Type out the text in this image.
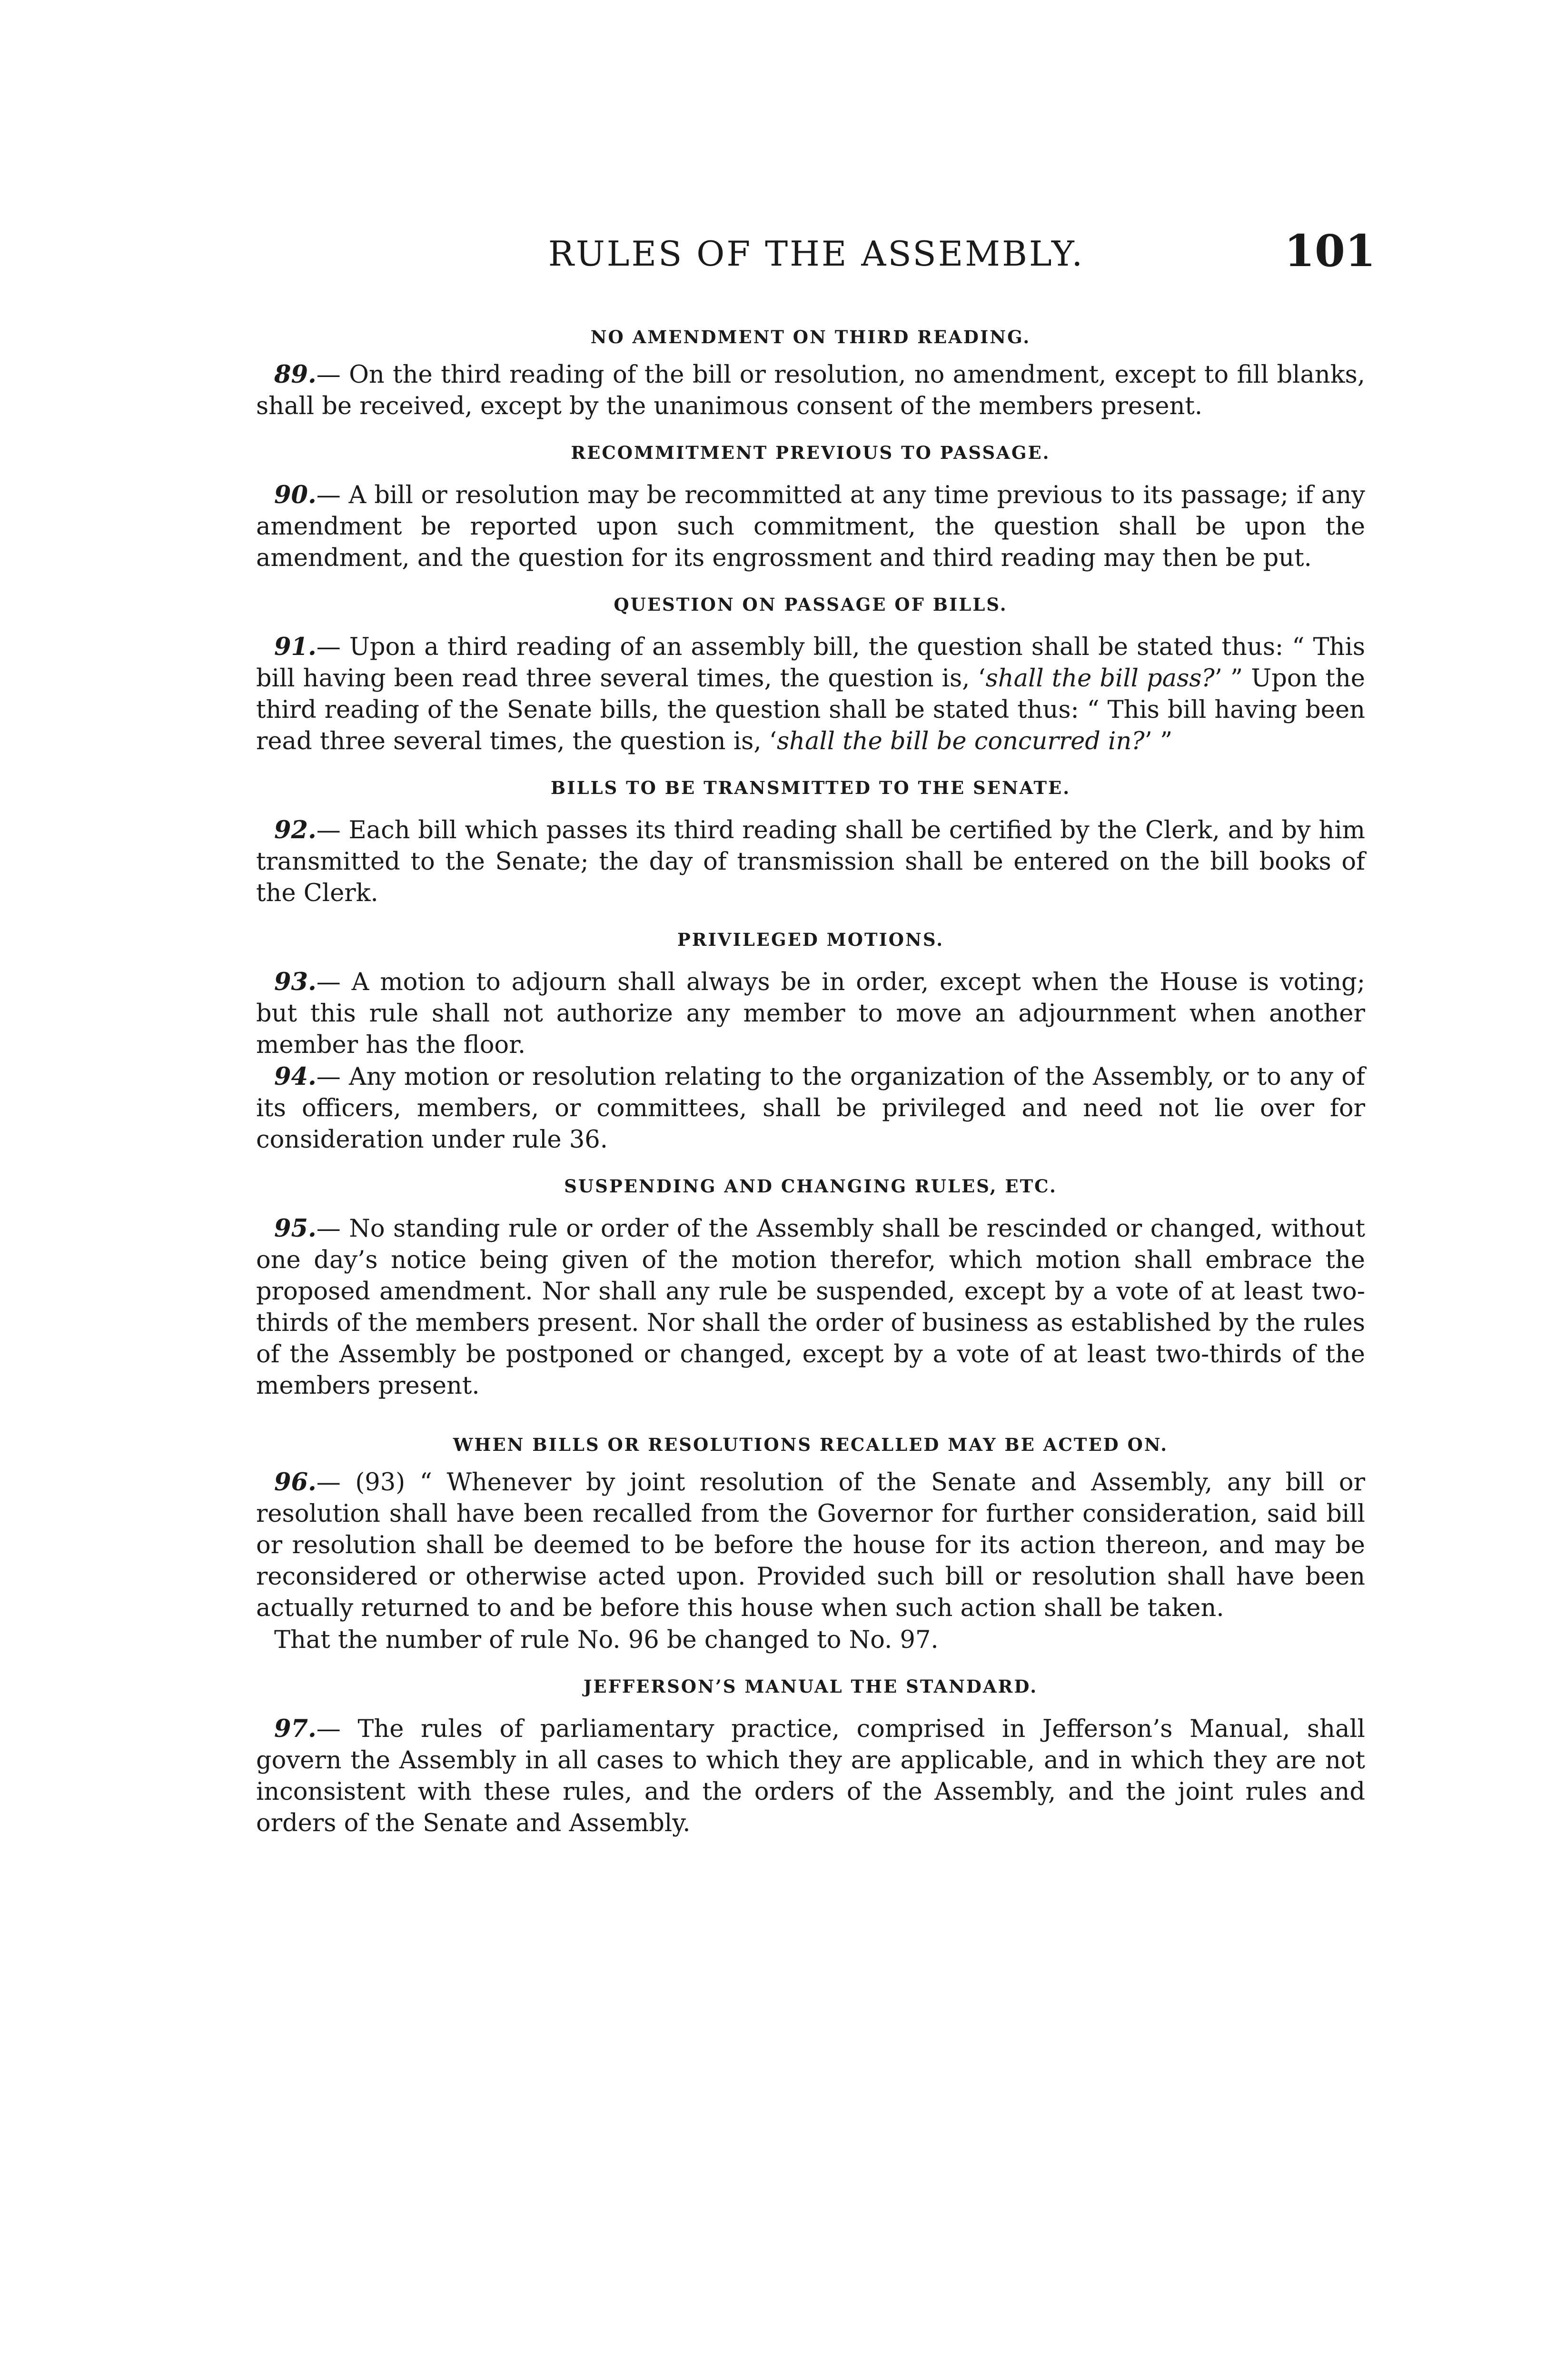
RULES OF THE ASSEMBLY.	101
NO AMENDMENT ON THIRD READING.

89.— On the third reading of the bill or resolution, no amendment, except to fill blanks, shall be received, except by the unanimous consent of the members present.

RECOMMITMENT PREVIOUS TO PASSAGE.

90.— A bill or resolution may be recommitted at any time previous to its passage; if any amendment be reported upon such commitment, the question shall be upon the amendment, and the question for its engrossment and third reading may then be put.

QUESTION ON PASSAGE OF BILLS.

91.— Upon a third reading of an assembly bill, the question shall be stated thus: “ This bill having been read three several times, the question is, ‘shall the bill pass?’ ” Upon the third reading of the Senate bills, the question shall be stated thus: “ This bill having been read three several times, the question is, ‘shall the bill be concurred in?’ ”

BILLS TO BE TRANSMITTED TO THE SENATE.

92.— Each bill which passes its third reading shall be certified by the Clerk, and by him transmitted to the Senate; the day of transmission shall be entered on the bill books of the Clerk.

PRIVILEGED MOTIONS.

93.— A motion to adjourn shall always be in order, except when the House is voting; but this rule shall not authorize any member to move an adjournment when another member has the floor.

94.— Any motion or resolution relating to the organization of the Assembly, or to any of its officers, members, or committees, shall be privileged and need not lie over for consideration under rule 36.

SUSPENDING AND CHANGING RULES, ETC.

95.— No standing rule or order of the Assembly shall be rescinded or changed, without one day’s notice being given of the motion therefor, which motion shall embrace the proposed amendment. Nor shall any rule be suspended, except by a vote of at least two-thirds of the members present. Nor shall the order of business as established by the rules of the Assembly be postponed or changed, except by a vote of at least two-thirds of the members present.

WHEN BILLS OR RESOLUTIONS RECALLED MAY BE ACTED ON.

96.— (93) “ Whenever by joint resolution of the Senate and Assembly, any bill or resolution shall have been recalled from the Governor for further consideration, said bill or resolution shall be deemed to be before the house for its action thereon, and may be reconsidered or otherwise acted upon. Provided such bill or resolution shall have been actually returned to and be before this house when such action shall be taken.

That the number of rule No. 96 be changed to No. 97.

JEFFERSON’S MANUAL THE STANDARD.

97.— The rules of parliamentary practice, comprised in Jefferson’s Manual, shall govern the Assembly in all cases to which they are applicable, and in which they are not inconsistent with these rules, and the orders of the Assembly, and the joint rules and orders of the Senate and Assembly.
